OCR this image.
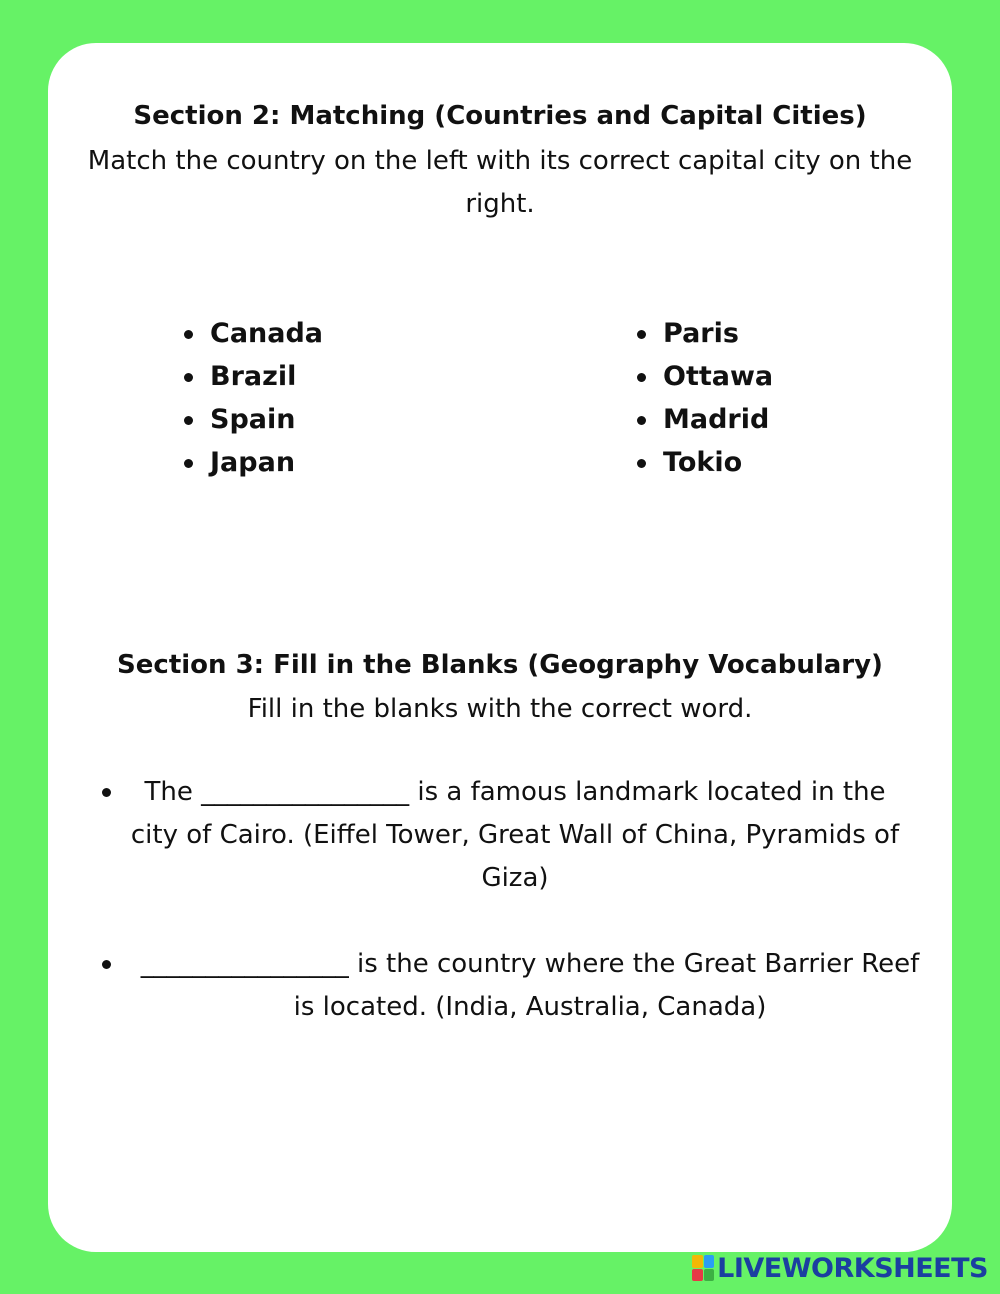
Section 2: Matching (Countries and Capital Cities)
Match the country on the left with its correct capital city on the right.
Canada
Brazil
Spain
Japan
Paris
Ottawa
Madrid
Tokio
Section 3: Fill in the Blanks (Geography Vocabulary)
Fill in the blanks with the correct word.
The ________________ is a famous landmark located in the city of Cairo. (Eiffel Tower, Great Wall of China, Pyramids of Giza)
________________ is the country where the Great Barrier Reef is located. (India, Australia, Canada)
LIVEWORKSHEETS
